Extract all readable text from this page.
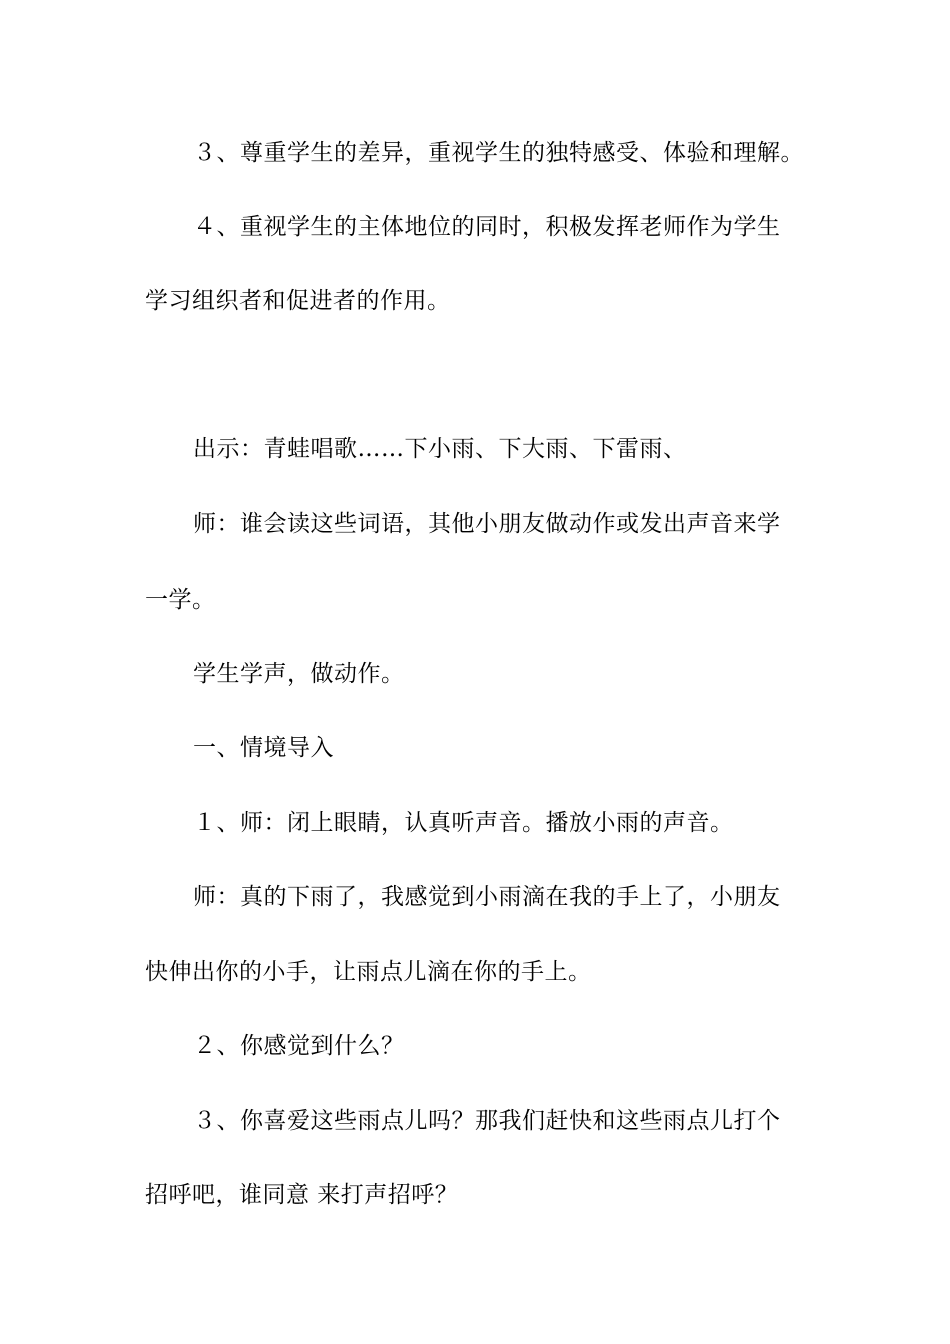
３、尊重学生的差异，重视学生的独特感受、体验和理解。
４、重视学生的主体地位的同时，积极发挥老师作为学生
学习组织者和促进者的作用。
出示：青蛙唱歌……下小雨、下大雨、下雷雨、
师：谁会读这些词语，其他小朋友做动作或发出声音来学
一学。
学生学声，做动作。
一、情境导入
１、师：闭上眼睛，认真听声音。播放小雨的声音。
师：真的下雨了，我感觉到小雨滴在我的手上了，小朋友
快伸出你的小手，让雨点儿滴在你的手上。
２、你感觉到什么？
３、你喜爱这些雨点儿吗？那我们赶快和这些雨点儿打个
招呼吧，谁同意 来打声招呼？
